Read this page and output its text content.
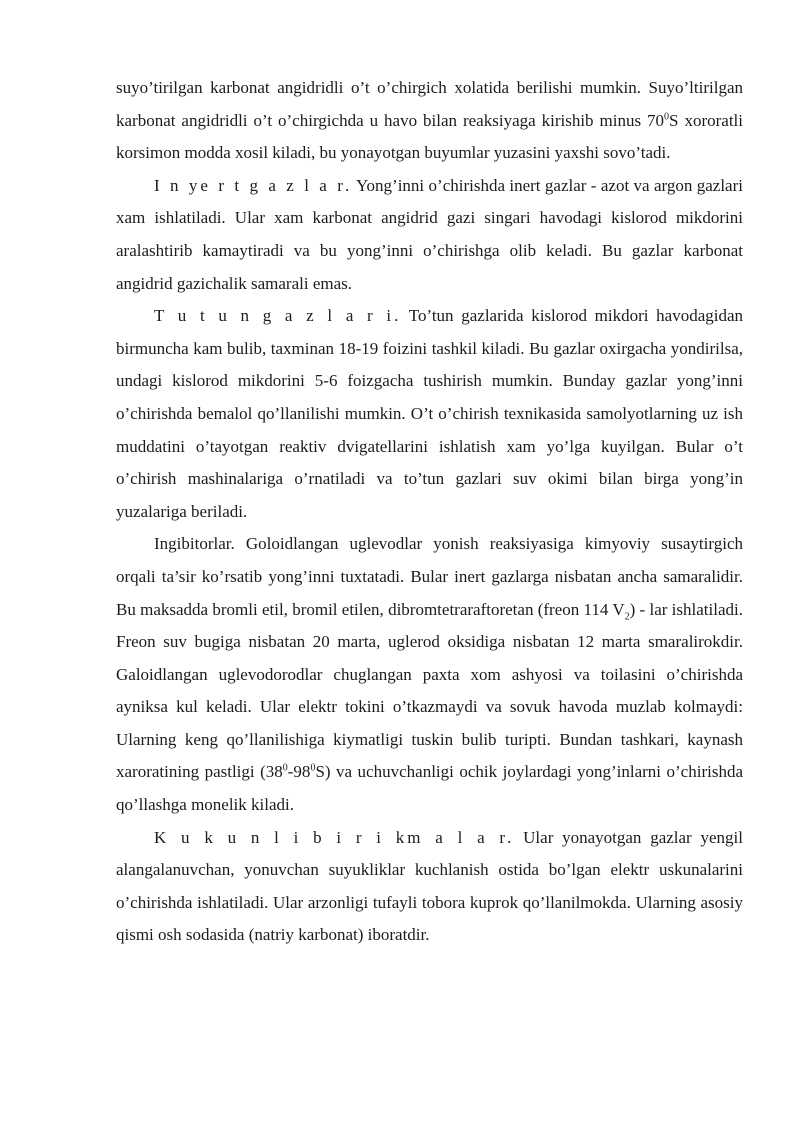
suyo’tirilgan karbonat angidridli o’t o’chirgich xolatida berilishi mumkin. Suyo’ltirilgan karbonat angidridli o’t o’chirgichda u havo bilan reaksiyaga kirishib minus $70^0S$ xororatli korsimon modda xosil kiladi, bu yonayotgan buyumlar yuzasini yaxshi sovo’tadi.

I n ye r t g a z l a r. Yong’inni o’chirishda inert gazlar - azot va argon gazlari xam ishlatiladi. Ular xam karbonat angidrid gazi singari havodagi kislorod mikdorini aralashtirib kamaytiradi va bu yong’inni o’chirishga olib keladi. Bu gazlar karbonat angidrid gazichalik samarali emas.

T u t u n g a z l a r i. To’tun gazlarida kislorod mikdori havodagidan birmuncha kam bulib, taxminan 18-19 foizini tashkil kiladi. Bu gazlar oxirgacha yondirilsa, undagi kislorod mikdorini 5-6 foizgacha tushirish mumkin. Bunday gazlar yong’inni o’chirishda bemalol qo’llanilishi mumkin. O’t o’chirish texnikasida samolyotlarning uz ish muddatini o’tayotgan reaktiv dvigatellarini ishlatish xam yo’lga kuyilgan. Bular o’t o’chirish mashinalariga o’rnatiladi va to’tun gazlari suv okimi bilan birga yong’in yuzalariga beriladi.

Ingibitorlar. Goloidlangan uglevodlar yonish reaksiyasiga kimyoviy susaytirgich orqali ta’sir ko’rsatib yong’inni tuxtatadi. Bular inert gazlarga nisbatan ancha samaralidir. Bu maksadda bromli etil, bromil etilen, dibromtetraraftoretan (freon 114 $V_2$) - lar ishlatiladi. Freon suv bugiga nisbatan 20 marta, uglerod oksidiga nisbatan 12 marta smaralirokdir. Galoidlangan uglevodorodlar chuglangan paxta xom ashyosi va toilasini o’chirishda ayniksa kul keladi. Ular elektr tokini o’tkazmaydi va sovuk havoda muzlab kolmaydi: Ularning keng qo’llanilishiga kiymatligi tuskin bulib turipti. Bundan tashkari, kaynash xaroratining pastligi $(38^0-98^0S)$ va uchuvchanligi ochik joylardagi yong’inlarni o’chirishda qo’llashga monelik kiladi.

K u k u n l i b i r i km a l a r. Ular yonayotgan gazlar yengil alangalanuvchan, yonuvchan suyukliklar kuchlanish ostida bo’lgan elektr uskunalarini o’chirishda ishlatiladi. Ular arzonligi tufayli tobora kuprok qo’llanilmokda. Ularning asosiy qismi osh sodasida (natriy karbonat) iboratdir.
